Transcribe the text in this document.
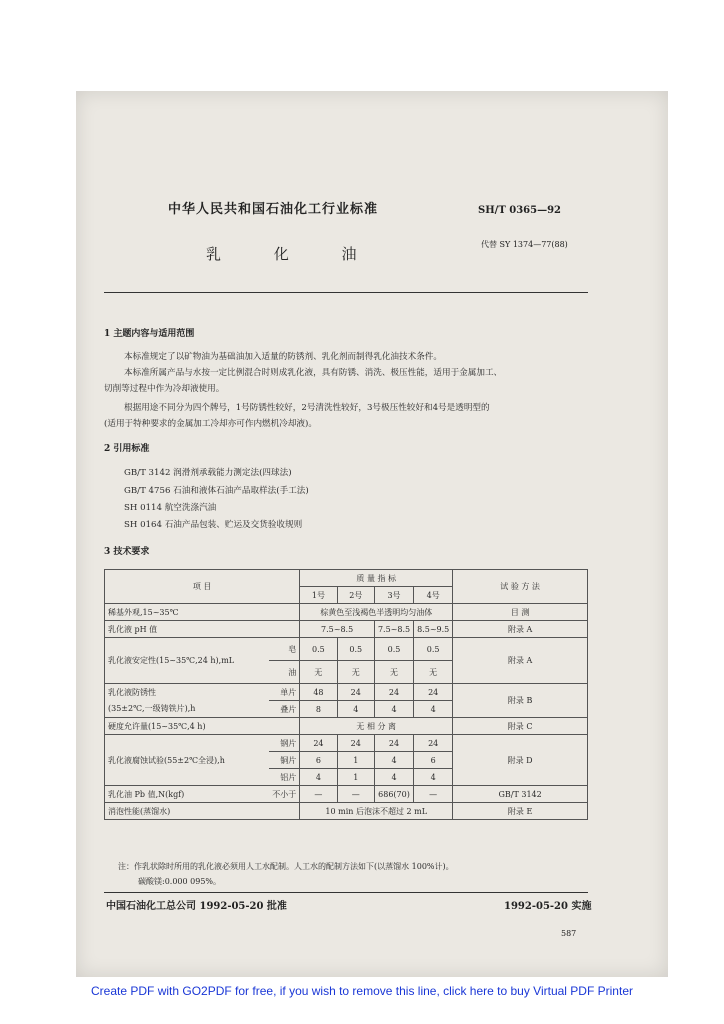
中华人民共和国石油化工行业标准	SH/T 0365—92
代替 SY 1374—77(88)
乳 化 油
1 主题内容与适用范围
本标准规定了以矿物油为基础油加入适量的防锈剂、乳化剂而制得乳化油技术条件。
本标准所属产品与水按一定比例混合时则成乳化液，具有防锈、消洗、极压性能，适用于金属加工、
切削等过程中作为冷却液使用。
根据用途不同分为四个牌号，1号防锈性较好，2号清洗性较好，3号极压性较好和4号是透明型的
(适用于特种要求的金属加工冷却亦可作内燃机冷却液)。
2 引用标准
GB/T 3142 润滑剂承载能力测定法(四球法)
GB/T 4756 石油和液体石油产品取样法(手工法)
SH 0114 航空洗涤汽油
SH 0164 石油产品包装、贮运及交货验收规则
3 技术要求
项 目		质 量 指 标				试 验 方 法
		1号	2号	3号	4号	
稀基外观,15~35℃		棕黄色至浅褐色半透明均匀油体				目 测
乳化液 pH 值		7.5~8.5		7.5~8.5	8.5~9.5	附录 A
乳化液安定性(15~35℃,24 h),mL	皂	0.5	0.5	0.5	0.5	附录 A
	油	无	无	无	无	
乳化液防锈性	单片	48	24	24	24	附录 B
(35±2℃,一级铸铁片),h	叠片	8	4	4	4	
硬度允许量(15~35℃,4 h)		无 相 分 离				附录 C
乳化液腐蚀试验(55±2℃全浸),h	钢片	24	24	24	24	附录 D
	铜片	6	1	4	6	
	铝片	4	1	4	4	
乳化油 Pb 值,N(kgf)	不小于	—	—	686(70)	—	GB/T 3142
消泡性能(蒸馏水)		10 min 后泡沫不超过 2 mL				附录 E
注：作乳状除时所用的乳化液必须用人工水配制。人工水的配制方法如下(以蒸馏水 100%计)。
碳酸镁:0.000 095%。
中国石油化工总公司 1992-05-20 批准	1992-05-20 实施
587
Create PDF with GO2PDF for free, if you wish to remove this line, click here to buy Virtual PDF Printer
